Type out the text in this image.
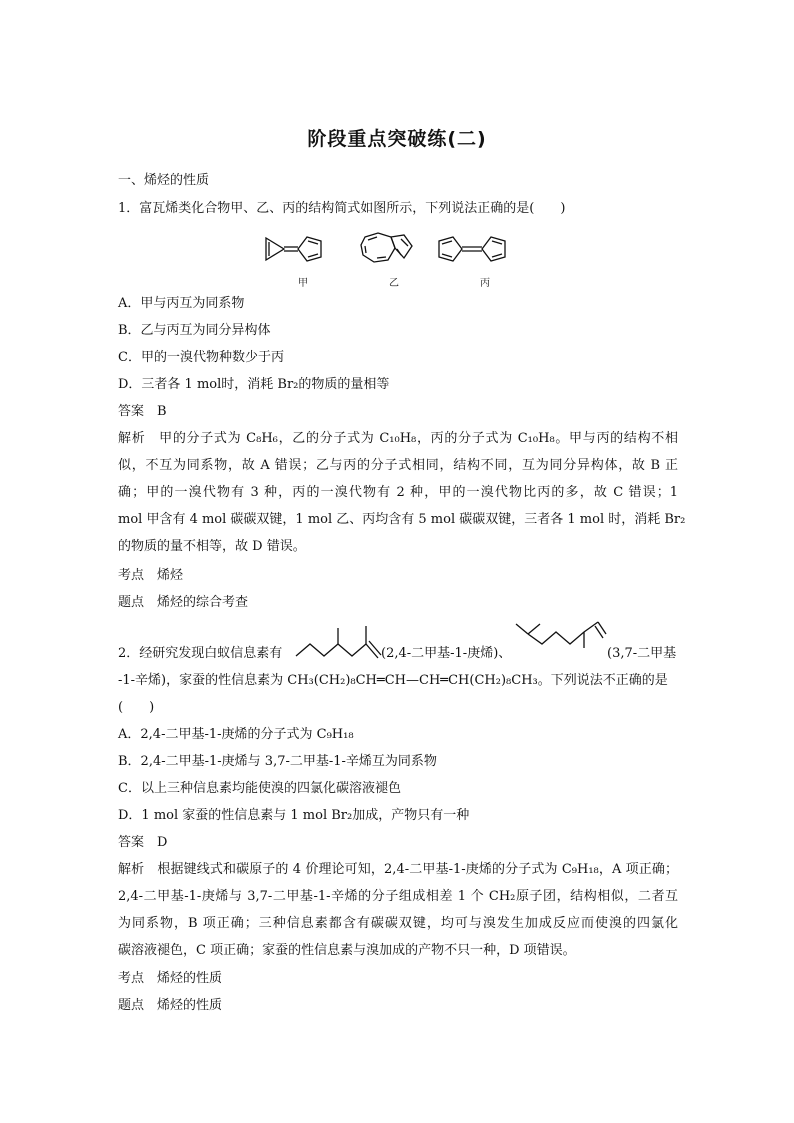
阶段重点突破练(二)
一、烯烃的性质
1．富瓦烯类化合物甲、乙、丙的结构简式如图所示，下列说法正确的是(　　)
甲	乙	丙
A．甲与丙互为同系物
B．乙与丙互为同分异构体
C．甲的一溴代物种数少于丙
D．三者各 1 mol时，消耗 Br₂的物质的量相等
答案　B
解析　甲的分子式为 C₈H₆，乙的分子式为 C₁₀H₈，丙的分子式为 C₁₀H₈。甲与丙的结构不相
似，不互为同系物，故 A 错误；乙与丙的分子式相同，结构不同，互为同分异构体，故 B 正
确；甲的一溴代物有 3 种，丙的一溴代物有 2 种，甲的一溴代物比丙的多，故 C 错误；1
mol 甲含有 4 mol 碳碳双键，1 mol 乙、丙均含有 5 mol 碳碳双键，三者各 1 mol 时，消耗 Br₂
的物质的量不相等，故 D 错误。
考点　烯烃
题点　烯烃的综合考查
2．经研究发现白蚁信息素有	(2,4-二甲基-1-庚烯)、	(3,7-二甲基
-1-辛烯)，家蚕的性信息素为 CH₃(CH₂)₈CH═CH—CH═CH(CH₂)₈CH₃。下列说法不正确的是
(　　)
A．2,4-二甲基-1-庚烯的分子式为 C₉H₁₈
B．2,4-二甲基-1-庚烯与 3,7-二甲基-1-辛烯互为同系物
C．以上三种信息素均能使溴的四氯化碳溶液褪色
D．1 mol 家蚕的性信息素与 1 mol Br₂加成，产物只有一种
答案　D
解析　根据键线式和碳原子的 4 价理论可知，2,4-二甲基-1-庚烯的分子式为 C₉H₁₈，A 项正确；
2,4-二甲基-1-庚烯与 3,7-二甲基-1-辛烯的分子组成相差 1 个 CH₂原子团，结构相似，二者互
为同系物，B 项正确；三种信息素都含有碳碳双键，均可与溴发生加成反应而使溴的四氯化
碳溶液褪色，C 项正确；家蚕的性信息素与溴加成的产物不只一种，D 项错误。
考点　烯烃的性质
题点　烯烃的性质
